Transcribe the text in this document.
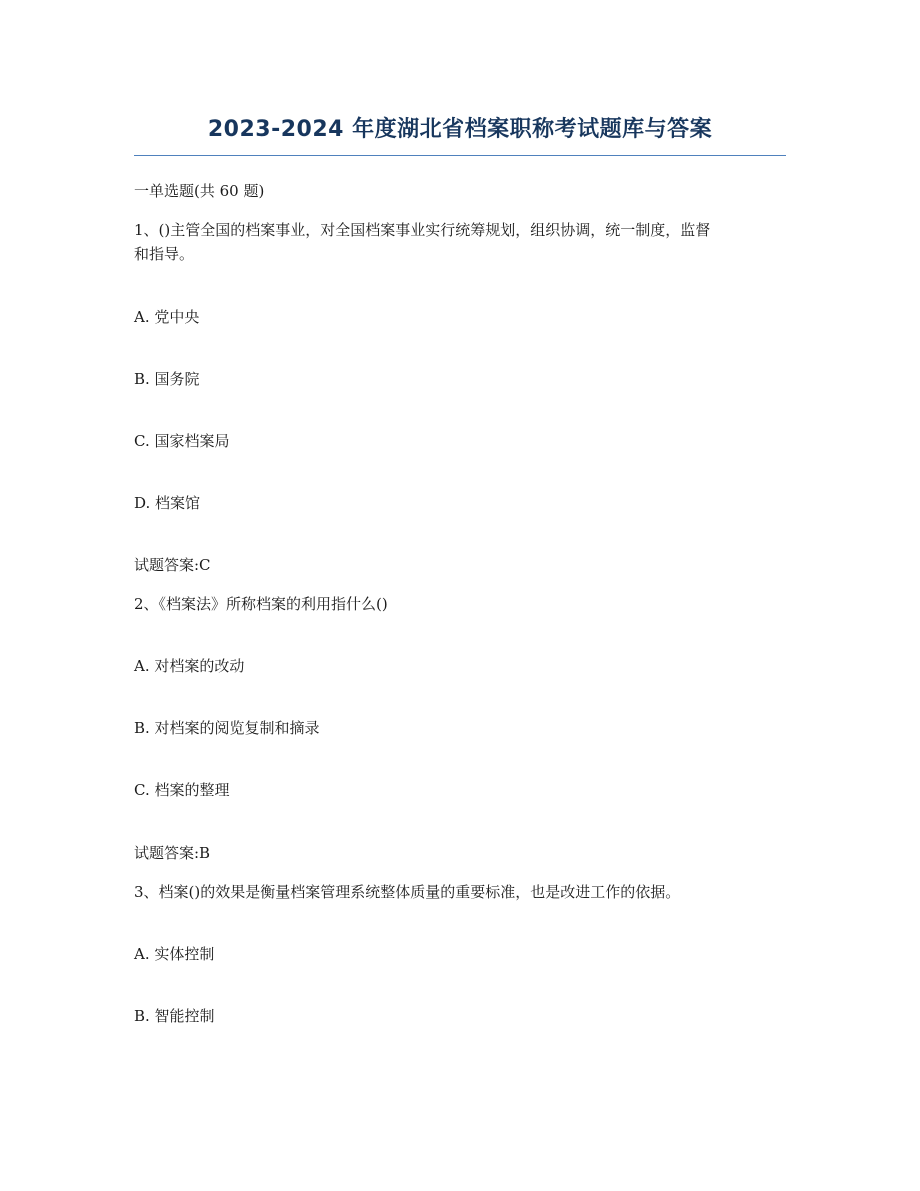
2023-2024 年度湖北省档案职称考试题库与答案
一单选题(共 60 题)
1、()主管全国的档案事业，对全国档案事业实行统筹规划，组织协调，统一制度，监督
和指导。
A. 党中央
B. 国务院
C. 国家档案局
D. 档案馆
试题答案:C
2、《档案法》所称档案的利用指什么()
A. 对档案的改动
B. 对档案的阅览复制和摘录
C. 档案的整理
试题答案:B
3、档案()的效果是衡量档案管理系统整体质量的重要标准，也是改进工作的依据。
A. 实体控制
B. 智能控制
